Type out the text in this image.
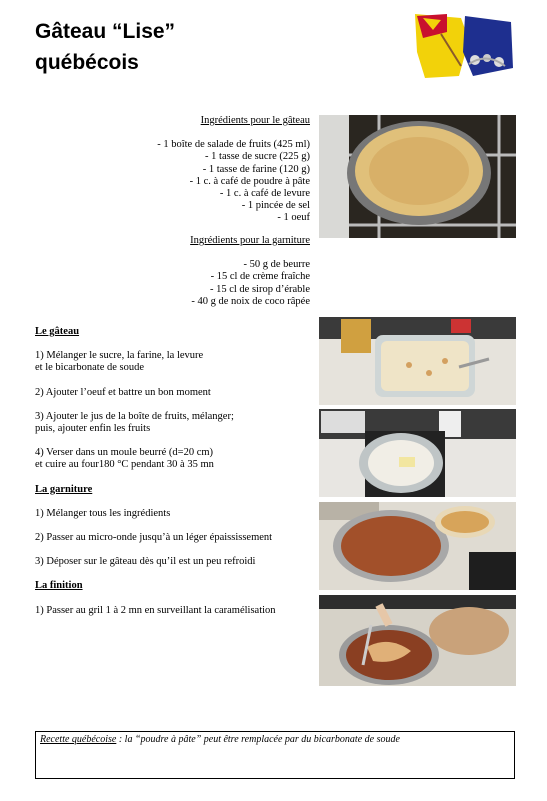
Gâteau “Lise”
québécois
Ingrédients pour le gâteau
- 1 boîte de salade de fruits (425 ml)
- 1 tasse de sucre (225 g)
- 1 tasse de farine (120 g)
- 1 c. à café de poudre à pâte
- 1 c. à café de levure
- 1 pincée de sel
- 1 oeuf
Ingrédients pour la garniture
- 50 g de beurre
- 15 cl de crème fraîche
- 15 cl de sirop d’érable
- 40 g de noix de coco râpée
Le gâteau

1) Mélanger le sucre, la farine, la levure
et le bicarbonate de soude

2) Ajouter l’oeuf et battre un bon moment

3) Ajouter le jus de la boîte de fruits, mélanger;
puis, ajouter enfin les fruits

4) Verser dans un moule beurré (d=20 cm)
et cuire au four180 °C pendant 30 à 35 mn

La garniture

1) Mélanger tous les ingrédients

2) Passer au micro-onde jusqu’à un léger épaississement

3) Déposer sur le gâteau dès qu’il est un peu refroidi

La finition

1) Passer au gril 1 à 2 mn en surveillant la caramélisation

Recette québécoise : la “poudre à pâte” peut être remplacée par du bicarbonate de soude
